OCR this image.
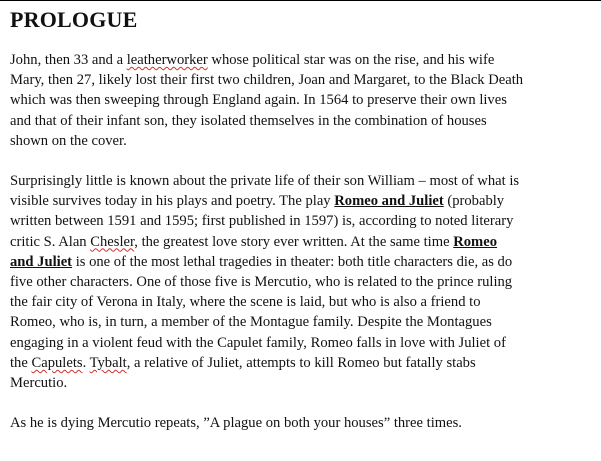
PROLOGUE
John, then 33 and a leatherworker whose political star was on the rise, and his wife
Mary, then 27, likely lost their first two children, Joan and Margaret, to the Black Death
which was then sweeping through England again. In 1564 to preserve their own lives
and that of their infant son, they isolated themselves in the combination of houses
shown on the cover.
Surprisingly little is known about the private life of their son William – most of what is
visible survives today in his plays and poetry. The play Romeo and Juliet (probably
written between 1591 and 1595; first published in 1597) is, according to noted literary
critic S. Alan Chesler, the greatest love story ever written. At the same time Romeo
and Juliet is one of the most lethal tragedies in theater: both title characters die, as do
five other characters. One of those five is Mercutio, who is related to the prince ruling
the fair city of Verona in Italy, where the scene is laid, but who is also a friend to
Romeo, who is, in turn, a member of the Montague family. Despite the Montagues
engaging in a violent feud with the Capulet family, Romeo falls in love with Juliet of
the Capulets. Tybalt, a relative of Juliet, attempts to kill Romeo but fatally stabs
Mercutio.
As he is dying Mercutio repeats, ”A plague on both your houses” three times.
